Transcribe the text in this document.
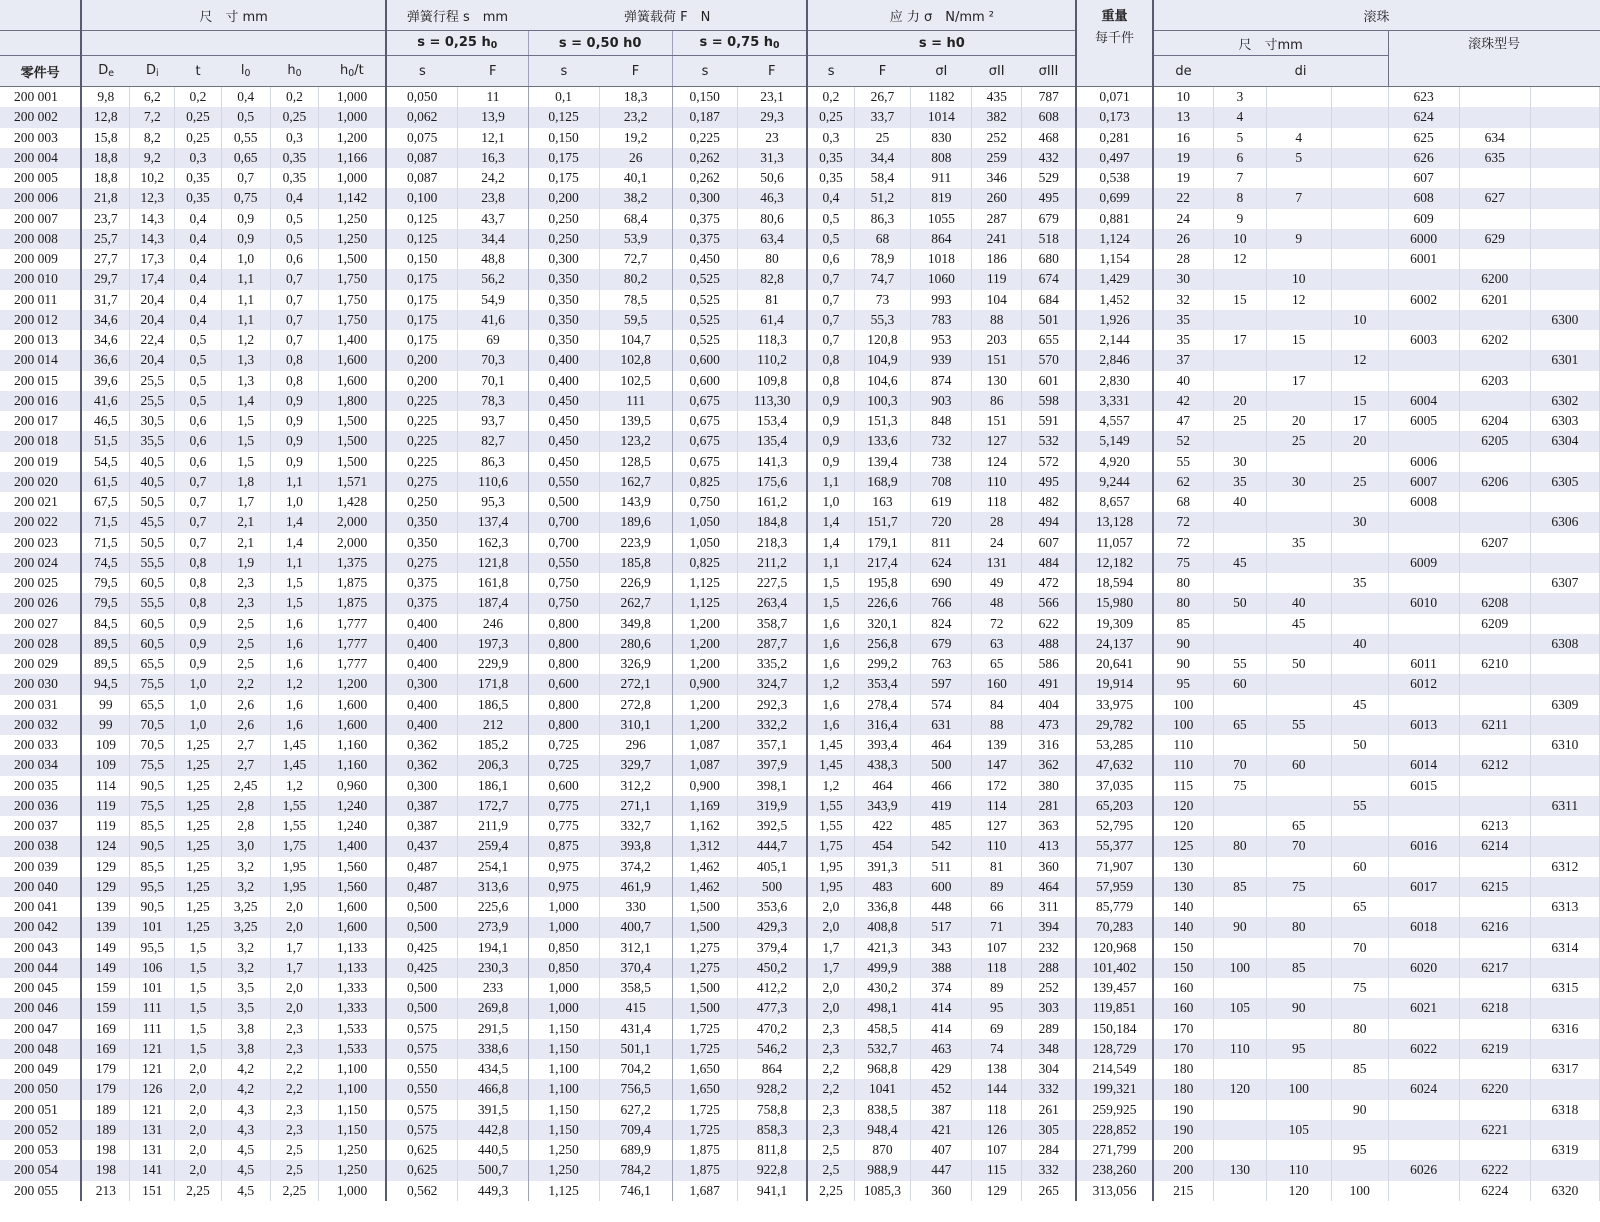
	尺　寸 mm						弹簧行程 s　mm		弹簧载荷 F　N				应 力 σ　N/mm ²					重量
每千件	滚珠						
							s = 0,25 $h_0$		s = 0,50 h0		s = 0,75 $h_0$		s = h0						尺　寸mm				滚珠型号		
零件号	$D_e$	$D_i$	t	$l_0$	$h_0$	$h_0/t$	s	F	s	F	s	F	s	F	σI	σII	σIII		de	di					
200 001	9,8	6,2	0,2	0,4	0,2	1,000	0,050	11	0,1	18,3	0,150	23,1	0,2	26,7	1182	435	787	0,071	10	3			623		
200 002	12,8	7,2	0,25	0,5	0,25	1,000	0,062	13,9	0,125	23,2	0,187	29,3	0,25	33,7	1014	382	608	0,173	13	4			624		
200 003	15,8	8,2	0,25	0,55	0,3	1,200	0,075	12,1	0,150	19,2	0,225	23	0,3	25	830	252	468	0,281	16	5	4		625	634	
200 004	18,8	9,2	0,3	0,65	0,35	1,166	0,087	16,3	0,175	26	0,262	31,3	0,35	34,4	808	259	432	0,497	19	6	5		626	635	
200 005	18,8	10,2	0,35	0,7	0,35	1,000	0,087	24,2	0,175	40,1	0,262	50,6	0,35	58,4	911	346	529	0,538	19	7			607		
200 006	21,8	12,3	0,35	0,75	0,4	1,142	0,100	23,8	0,200	38,2	0,300	46,3	0,4	51,2	819	260	495	0,699	22	8	7		608	627	
200 007	23,7	14,3	0,4	0,9	0,5	1,250	0,125	43,7	0,250	68,4	0,375	80,6	0,5	86,3	1055	287	679	0,881	24	9			609		
200 008	25,7	14,3	0,4	0,9	0,5	1,250	0,125	34,4	0,250	53,9	0,375	63,4	0,5	68	864	241	518	1,124	26	10	9		6000	629	
200 009	27,7	17,3	0,4	1,0	0,6	1,500	0,150	48,8	0,300	72,7	0,450	80	0,6	78,9	1018	186	680	1,154	28	12			6001		
200 010	29,7	17,4	0,4	1,1	0,7	1,750	0,175	56,2	0,350	80,2	0,525	82,8	0,7	74,7	1060	119	674	1,429	30		10			6200	
200 011	31,7	20,4	0,4	1,1	0,7	1,750	0,175	54,9	0,350	78,5	0,525	81	0,7	73	993	104	684	1,452	32	15	12		6002	6201	
200 012	34,6	20,4	0,4	1,1	0,7	1,750	0,175	41,6	0,350	59,5	0,525	61,4	0,7	55,3	783	88	501	1,926	35			10			6300
200 013	34,6	22,4	0,5	1,2	0,7	1,400	0,175	69	0,350	104,7	0,525	118,3	0,7	120,8	953	203	655	2,144	35	17	15		6003	6202	
200 014	36,6	20,4	0,5	1,3	0,8	1,600	0,200	70,3	0,400	102,8	0,600	110,2	0,8	104,9	939	151	570	2,846	37			12			6301
200 015	39,6	25,5	0,5	1,3	0,8	1,600	0,200	70,1	0,400	102,5	0,600	109,8	0,8	104,6	874	130	601	2,830	40		17			6203	
200 016	41,6	25,5	0,5	1,4	0,9	1,800	0,225	78,3	0,450	111	0,675	113,30	0,9	100,3	903	86	598	3,331	42	20		15	6004		6302
200 017	46,5	30,5	0,6	1,5	0,9	1,500	0,225	93,7	0,450	139,5	0,675	153,4	0,9	151,3	848	151	591	4,557	47	25	20	17	6005	6204	6303
200 018	51,5	35,5	0,6	1,5	0,9	1,500	0,225	82,7	0,450	123,2	0,675	135,4	0,9	133,6	732	127	532	5,149	52		25	20		6205	6304
200 019	54,5	40,5	0,6	1,5	0,9	1,500	0,225	86,3	0,450	128,5	0,675	141,3	0,9	139,4	738	124	572	4,920	55	30			6006		
200 020	61,5	40,5	0,7	1,8	1,1	1,571	0,275	110,6	0,550	162,7	0,825	175,6	1,1	168,9	708	110	495	9,244	62	35	30	25	6007	6206	6305
200 021	67,5	50,5	0,7	1,7	1,0	1,428	0,250	95,3	0,500	143,9	0,750	161,2	1,0	163	619	118	482	8,657	68	40			6008		
200 022	71,5	45,5	0,7	2,1	1,4	2,000	0,350	137,4	0,700	189,6	1,050	184,8	1,4	151,7	720	28	494	13,128	72			30			6306
200 023	71,5	50,5	0,7	2,1	1,4	2,000	0,350	162,3	0,700	223,9	1,050	218,3	1,4	179,1	811	24	607	11,057	72		35			6207	
200 024	74,5	55,5	0,8	1,9	1,1	1,375	0,275	121,8	0,550	185,8	0,825	211,2	1,1	217,4	624	131	484	12,182	75	45			6009		
200 025	79,5	60,5	0,8	2,3	1,5	1,875	0,375	161,8	0,750	226,9	1,125	227,5	1,5	195,8	690	49	472	18,594	80			35			6307
200 026	79,5	55,5	0,8	2,3	1,5	1,875	0,375	187,4	0,750	262,7	1,125	263,4	1,5	226,6	766	48	566	15,980	80	50	40		6010	6208	
200 027	84,5	60,5	0,9	2,5	1,6	1,777	0,400	246	0,800	349,8	1,200	358,7	1,6	320,1	824	72	622	19,309	85		45			6209	
200 028	89,5	60,5	0,9	2,5	1,6	1,777	0,400	197,3	0,800	280,6	1,200	287,7	1,6	256,8	679	63	488	24,137	90			40			6308
200 029	89,5	65,5	0,9	2,5	1,6	1,777	0,400	229,9	0,800	326,9	1,200	335,2	1,6	299,2	763	65	586	20,641	90	55	50		6011	6210	
200 030	94,5	75,5	1,0	2,2	1,2	1,200	0,300	171,8	0,600	272,1	0,900	324,7	1,2	353,4	597	160	491	19,914	95	60			6012		
200 031	99	65,5	1,0	2,6	1,6	1,600	0,400	186,5	0,800	272,8	1,200	292,3	1,6	278,4	574	84	404	33,975	100			45			6309
200 032	99	70,5	1,0	2,6	1,6	1,600	0,400	212	0,800	310,1	1,200	332,2	1,6	316,4	631	88	473	29,782	100	65	55		6013	6211	
200 033	109	70,5	1,25	2,7	1,45	1,160	0,362	185,2	0,725	296	1,087	357,1	1,45	393,4	464	139	316	53,285	110			50			6310
200 034	109	75,5	1,25	2,7	1,45	1,160	0,362	206,3	0,725	329,7	1,087	397,9	1,45	438,3	500	147	362	47,632	110	70	60		6014	6212	
200 035	114	90,5	1,25	2,45	1,2	0,960	0,300	186,1	0,600	312,2	0,900	398,1	1,2	464	466	172	380	37,035	115	75			6015		
200 036	119	75,5	1,25	2,8	1,55	1,240	0,387	172,7	0,775	271,1	1,169	319,9	1,55	343,9	419	114	281	65,203	120			55			6311
200 037	119	85,5	1,25	2,8	1,55	1,240	0,387	211,9	0,775	332,7	1,162	392,5	1,55	422	485	127	363	52,795	120		65			6213	
200 038	124	90,5	1,25	3,0	1,75	1,400	0,437	259,4	0,875	393,8	1,312	444,7	1,75	454	542	110	413	55,377	125	80	70		6016	6214	
200 039	129	85,5	1,25	3,2	1,95	1,560	0,487	254,1	0,975	374,2	1,462	405,1	1,95	391,3	511	81	360	71,907	130			60			6312
200 040	129	95,5	1,25	3,2	1,95	1,560	0,487	313,6	0,975	461,9	1,462	500	1,95	483	600	89	464	57,959	130	85	75		6017	6215	
200 041	139	90,5	1,25	3,25	2,0	1,600	0,500	225,6	1,000	330	1,500	353,6	2,0	336,8	448	66	311	85,779	140			65			6313
200 042	139	101	1,25	3,25	2,0	1,600	0,500	273,9	1,000	400,7	1,500	429,3	2,0	408,8	517	71	394	70,283	140	90	80		6018	6216	
200 043	149	95,5	1,5	3,2	1,7	1,133	0,425	194,1	0,850	312,1	1,275	379,4	1,7	421,3	343	107	232	120,968	150			70			6314
200 044	149	106	1,5	3,2	1,7	1,133	0,425	230,3	0,850	370,4	1,275	450,2	1,7	499,9	388	118	288	101,402	150	100	85		6020	6217	
200 045	159	101	1,5	3,5	2,0	1,333	0,500	233	1,000	358,5	1,500	412,2	2,0	430,2	374	89	252	139,457	160			75			6315
200 046	159	111	1,5	3,5	2,0	1,333	0,500	269,8	1,000	415	1,500	477,3	2,0	498,1	414	95	303	119,851	160	105	90		6021	6218	
200 047	169	111	1,5	3,8	2,3	1,533	0,575	291,5	1,150	431,4	1,725	470,2	2,3	458,5	414	69	289	150,184	170			80			6316
200 048	169	121	1,5	3,8	2,3	1,533	0,575	338,6	1,150	501,1	1,725	546,2	2,3	532,7	463	74	348	128,729	170	110	95		6022	6219	
200 049	179	121	2,0	4,2	2,2	1,100	0,550	434,5	1,100	704,2	1,650	864	2,2	968,8	429	138	304	214,549	180			85			6317
200 050	179	126	2,0	4,2	2,2	1,100	0,550	466,8	1,100	756,5	1,650	928,2	2,2	1041	452	144	332	199,321	180	120	100		6024	6220	
200 051	189	121	2,0	4,3	2,3	1,150	0,575	391,5	1,150	627,2	1,725	758,8	2,3	838,5	387	118	261	259,925	190			90			6318
200 052	189	131	2,0	4,3	2,3	1,150	0,575	442,8	1,150	709,4	1,725	858,3	2,3	948,4	421	126	305	228,852	190		105			6221	
200 053	198	131	2,0	4,5	2,5	1,250	0,625	440,5	1,250	689,9	1,875	811,8	2,5	870	407	107	284	271,799	200			95			6319
200 054	198	141	2,0	4,5	2,5	1,250	0,625	500,7	1,250	784,2	1,875	922,8	2,5	988,9	447	115	332	238,260	200	130	110		6026	6222	
200 055	213	151	2,25	4,5	2,25	1,000	0,562	449,3	1,125	746,1	1,687	941,1	2,25	1085,3	360	129	265	313,056	215		120	100		6224	6320
